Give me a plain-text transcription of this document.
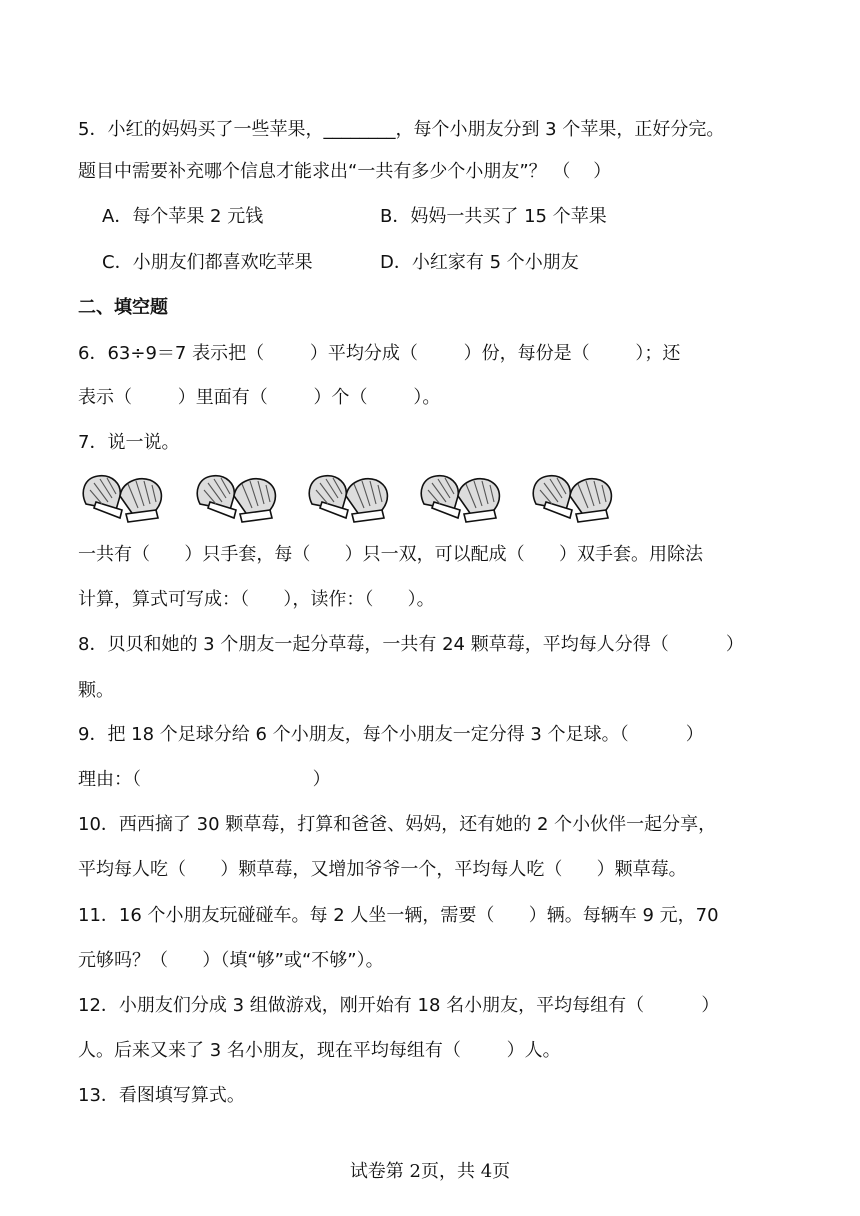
5．小红的妈妈买了一些苹果，________，每个小朋友分到 3 个苹果，正好分完。
题目中需要补充哪个信息才能求出“一共有多少个小朋友”？ （    ）
A．每个苹果 2 元钱	B．妈妈一共买了 15 个苹果
C．小朋友们都喜欢吃苹果	D．小红家有 5 个小朋友
二、填空题
6．63÷9＝7 表示把（        ）平均分成（        ）份，每份是（        ）；还
表示（        ）里面有（        ）个（        ）。
7．说一说。
一共有（      ）只手套，每（      ）只一双，可以配成（      ）双手套。用除法
计算，算式可写成：（      ），读作：（      ）。
8．贝贝和她的 3 个朋友一起分草莓，一共有 24 颗草莓，平均每人分得（          ）
颗。
9．把 18 个足球分给 6 个小朋友，每个小朋友一定分得 3 个足球。（          ）
理由：（                              ）
10．西西摘了 30 颗草莓，打算和爸爸、妈妈，还有她的 2 个小伙伴一起分享，
平均每人吃（      ）颗草莓，又增加爷爷一个，平均每人吃（      ）颗草莓。
11．16 个小朋友玩碰碰车。每 2 人坐一辆，需要（      ）辆。每辆车 9 元，70
元够吗？（      ）（填“够”或“不够”）。
12．小朋友们分成 3 组做游戏，刚开始有 18 名小朋友，平均每组有（          ）
人。后来又来了 3 名小朋友，现在平均每组有（        ）人。
13．看图填写算式。
试卷第 2页，共 4页
